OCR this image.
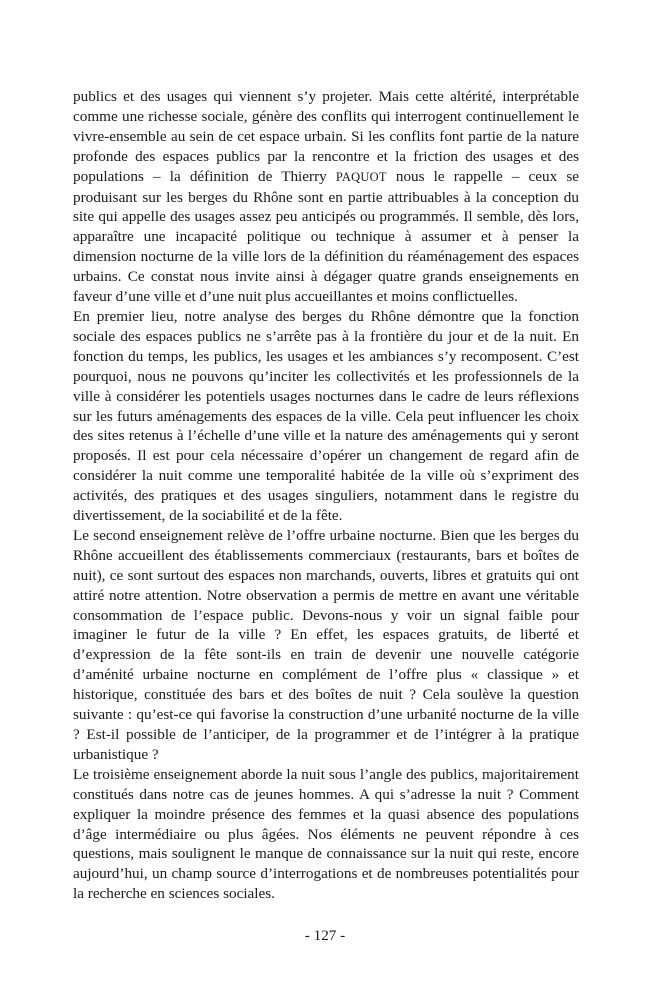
publics et des usages qui viennent s’y projeter. Mais cette altérité, interprétable comme une richesse sociale, génère des conflits qui interrogent continuellement le vivre-ensemble au sein de cet espace urbain. Si les conflits font partie de la nature profonde des espaces publics par la rencontre et la friction des usages et des populations – la définition de Thierry PAQUOT nous le rappelle – ceux se produisant sur les berges du Rhône sont en partie attribuables à la conception du site qui appelle des usages assez peu anticipés ou programmés. Il semble, dès lors, apparaître une incapacité politique ou technique à assumer et à penser la dimension nocturne de la ville lors de la définition du réaménagement des espaces urbains. Ce constat nous invite ainsi à dégager quatre grands enseignements en faveur d’une ville et d’une nuit plus accueillantes et moins conflictuelles.

En premier lieu, notre analyse des berges du Rhône démontre que la fonction sociale des espaces publics ne s’arrête pas à la frontière du jour et de la nuit. En fonction du temps, les publics, les usages et les ambiances s’y recomposent. C’est pourquoi, nous ne pouvons qu’inciter les collectivités et les professionnels de la ville à considérer les potentiels usages nocturnes dans le cadre de leurs réflexions sur les futurs aménagements des espaces de la ville. Cela peut influencer les choix des sites retenus à l’échelle d’une ville et la nature des aménagements qui y seront proposés. Il est pour cela nécessaire d’opérer un changement de regard afin de considérer la nuit comme une temporalité habitée de la ville où s’expriment des activités, des pratiques et des usages singuliers, notamment dans le registre du divertissement, de la sociabilité et de la fête.

Le second enseignement relève de l’offre urbaine nocturne. Bien que les berges du Rhône accueillent des établissements commerciaux (restaurants, bars et boîtes de nuit), ce sont surtout des espaces non marchands, ouverts, libres et gratuits qui ont attiré notre attention. Notre observation a permis de mettre en avant une véritable consommation de l’espace public. Devons-nous y voir un signal faible pour imaginer le futur de la ville ? En effet, les espaces gratuits, de liberté et d’expression de la fête sont-ils en train de devenir une nouvelle catégorie d’aménité urbaine nocturne en complément de l’offre plus « classique » et historique, constituée des bars et des boîtes de nuit ? Cela soulève la question suivante : qu’est-ce qui favorise la construction d’une urbanité nocturne de la ville ? Est-il possible de l’anticiper, de la programmer et de l’intégrer à la pratique urbanistique ?

Le troisième enseignement aborde la nuit sous l’angle des publics, majoritairement constitués dans notre cas de jeunes hommes. A qui s’adresse la nuit ? Comment expliquer la moindre présence des femmes et la quasi absence des populations d’âge intermédiaire ou plus âgées. Nos éléments ne peuvent répondre à ces questions, mais soulignent le manque de connaissance sur la nuit qui reste, encore aujourd’hui, un champ source d’interrogations et de nombreuses potentialités pour la recherche en sciences sociales.

- 127 -
